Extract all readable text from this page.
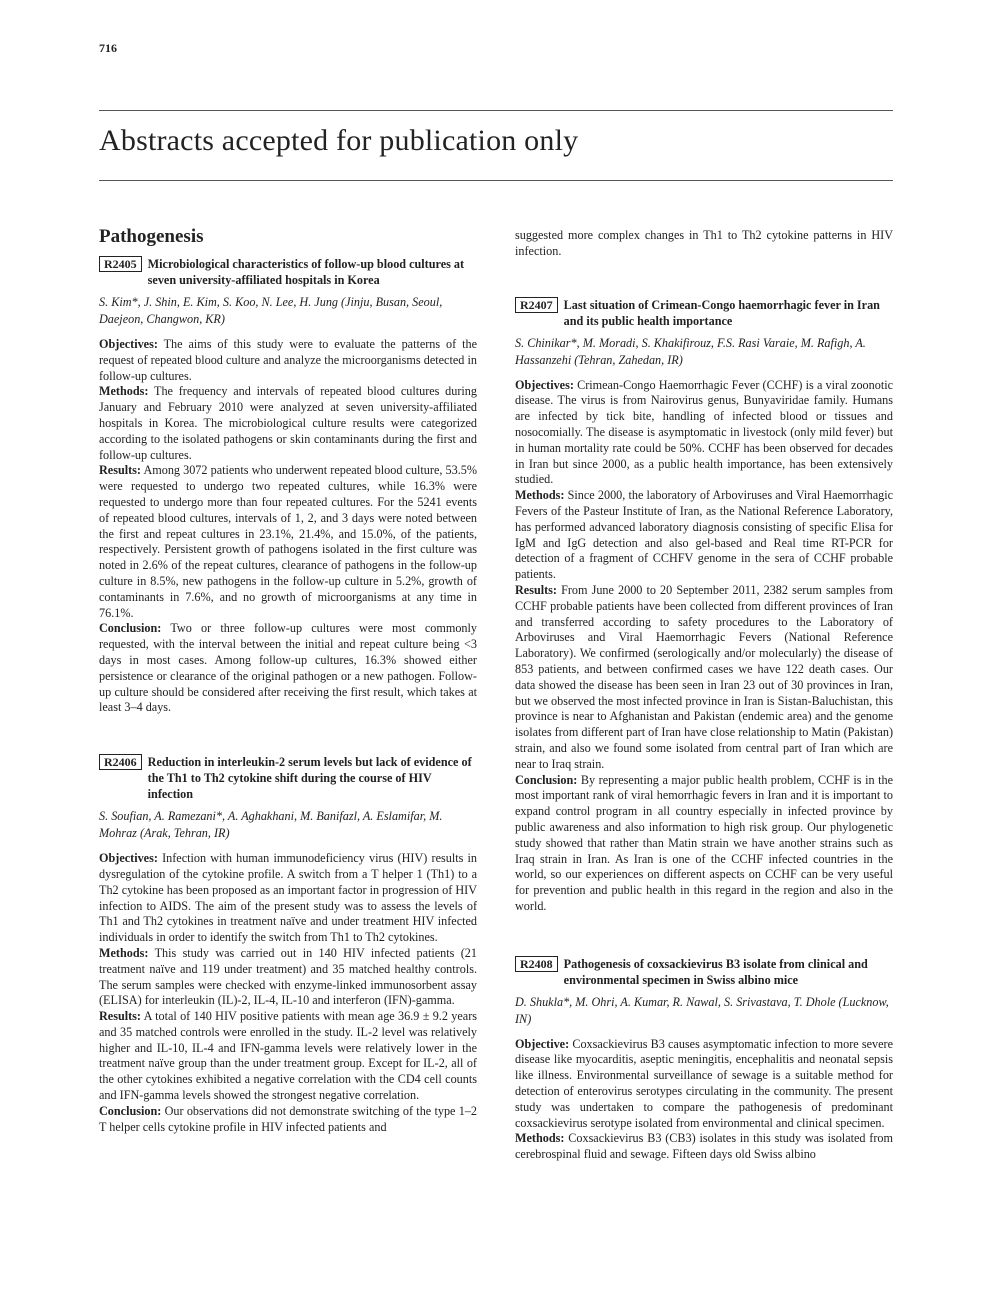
716
Abstracts accepted for publication only
Pathogenesis
R2405 Microbiological characteristics of follow-up blood cultures at seven university-affiliated hospitals in Korea
S. Kim*, J. Shin, E. Kim, S. Koo, N. Lee, H. Jung (Jinju, Busan, Seoul, Daejeon, Changwon, KR)

Objectives: The aims of this study were to evaluate the patterns of the request of repeated blood culture and analyze the microorganisms detected in follow-up cultures.

Methods: The frequency and intervals of repeated blood cultures during January and February 2010 were analyzed at seven university-affiliated hospitals in Korea. The microbiological culture results were categorized according to the isolated pathogens or skin contaminants during the first and follow-up cultures.

Results: Among 3072 patients who underwent repeated blood culture, 53.5% were requested to undergo two repeated cultures, while 16.3% were requested to undergo more than four repeated cultures. For the 5241 events of repeated blood cultures, intervals of 1, 2, and 3 days were noted between the first and repeat cultures in 23.1%, 21.4%, and 15.0%, of the patients, respectively. Persistent growth of pathogens isolated in the first culture was noted in 2.6% of the repeat cultures, clearance of pathogens in the follow-up culture in 8.5%, new pathogens in the follow-up culture in 5.2%, growth of contaminants in 7.6%, and no growth of microorganisms at any time in 76.1%.

Conclusion: Two or three follow-up cultures were most commonly requested, with the interval between the initial and repeat culture being <3 days in most cases. Among follow-up cultures, 16.3% showed either persistence or clearance of the original pathogen or a new pathogen. Follow-up culture should be considered after receiving the first result, which takes at least 3–4 days.

R2406 Reduction in interleukin-2 serum levels but lack of evidence of the Th1 to Th2 cytokine shift during the course of HIV infection
S. Soufian, A. Ramezani*, A. Aghakhani, M. Banifazl, A. Eslamifar, M. Mohraz (Arak, Tehran, IR)

Objectives: Infection with human immunodeficiency virus (HIV) results in dysregulation of the cytokine profile. A switch from a T helper 1 (Th1) to a Th2 cytokine has been proposed as an important factor in progression of HIV infection to AIDS. The aim of the present study was to assess the levels of Th1 and Th2 cytokines in treatment naïve and under treatment HIV infected individuals in order to identify the switch from Th1 to Th2 cytokines.

Methods: This study was carried out in 140 HIV infected patients (21 treatment naïve and 119 under treatment) and 35 matched healthy controls. The serum samples were checked with enzyme-linked immunosorbent assay (ELISA) for interleukin (IL)-2, IL-4, IL-10 and interferon (IFN)-gamma.

Results: A total of 140 HIV positive patients with mean age 36.9 ± 9.2 years and 35 matched controls were enrolled in the study. IL-2 level was relatively higher and IL-10, IL-4 and IFN-gamma levels were relatively lower in the treatment naïve group than the under treatment group. Except for IL-2, all of the other cytokines exhibited a negative correlation with the CD4 cell counts and IFN-gamma levels showed the strongest negative correlation.

Conclusion: Our observations did not demonstrate switching of the type 1–2 T helper cells cytokine profile in HIV infected patients and

suggested more complex changes in Th1 to Th2 cytokine patterns in HIV infection.

R2407 Last situation of Crimean-Congo haemorrhagic fever in Iran and its public health importance
S. Chinikar*, M. Moradi, S. Khakifirouz, F.S. Rasi Varaie, M. Rafigh, A. Hassanzehi (Tehran, Zahedan, IR)

Objectives: Crimean-Congo Haemorrhagic Fever (CCHF) is a viral zoonotic disease. The virus is from Nairovirus genus, Bunyaviridae family. Humans are infected by tick bite, handling of infected blood or tissues and nosocomially. The disease is asymptomatic in livestock (only mild fever) but in human mortality rate could be 50%. CCHF has been observed for decades in Iran but since 2000, as a public health importance, has been extensively studied.

Methods: Since 2000, the laboratory of Arboviruses and Viral Haemorrhagic Fevers of the Pasteur Institute of Iran, as the National Reference Laboratory, has performed advanced laboratory diagnosis consisting of specific Elisa for IgM and IgG detection and also gel-based and Real time RT-PCR for detection of a fragment of CCHFV genome in the sera of CCHF probable patients.

Results: From June 2000 to 20 September 2011, 2382 serum samples from CCHF probable patients have been collected from different provinces of Iran and transferred according to safety procedures to the Laboratory of Arboviruses and Viral Haemorrhagic Fevers (National Reference Laboratory). We confirmed (serologically and/or molecularly) the disease of 853 patients, and between confirmed cases we have 122 death cases. Our data showed the disease has been seen in Iran 23 out of 30 provinces in Iran, but we observed the most infected province in Iran is Sistan-Baluchistan, this province is near to Afghanistan and Pakistan (endemic area) and the genome isolates from different part of Iran have close relationship to Matin (Pakistan) strain, and also we found some isolated from central part of Iran which are near to Iraq strain.

Conclusion: By representing a major public health problem, CCHF is in the most important rank of viral hemorrhagic fevers in Iran and it is important to expand control program in all country especially in infected province by public awareness and also information to high risk group. Our phylogenetic study showed that rather than Matin strain we have another strains such as Iraq strain in Iran. As Iran is one of the CCHF infected countries in the world, so our experiences on different aspects on CCHF can be very useful for prevention and public health in this regard in the region and also in the world.

R2408 Pathogenesis of coxsackievirus B3 isolate from clinical and environmental specimen in Swiss albino mice
D. Shukla*, M. Ohri, A. Kumar, R. Nawal, S. Srivastava, T. Dhole (Lucknow, IN)

Objective: Coxsackievirus B3 causes asymptomatic infection to more severe disease like myocarditis, aseptic meningitis, encephalitis and neonatal sepsis like illness. Environmental surveillance of sewage is a suitable method for detection of enterovirus serotypes circulating in the community. The present study was undertaken to compare the pathogenesis of predominant coxsackievirus serotype isolated from environmental and clinical specimen.

Methods: Coxsackievirus B3 (CB3) isolates in this study was isolated from cerebrospinal fluid and sewage. Fifteen days old Swiss albino
